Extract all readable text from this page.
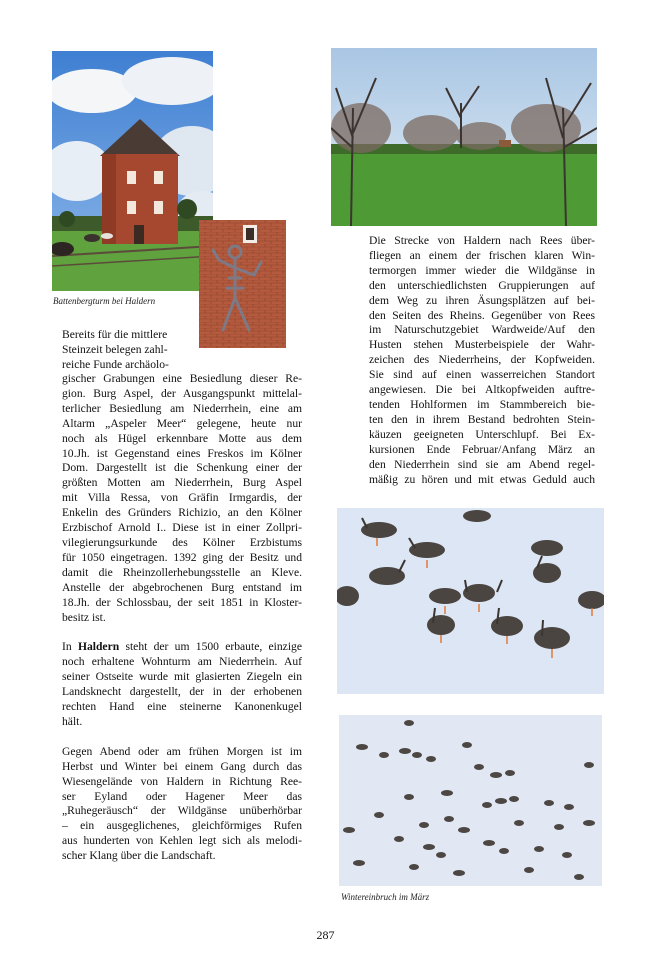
Battenbergturm bei Haldern
Wintereinbruch im März
Bereits für die mittlere
Steinzeit belegen zahl-
reiche Funde archäolo-
gischer Grabungen eine Besiedlung dieser Re-
gion. Burg Aspel, der Ausgangspunkt mittelal-
terlicher Besiedlung am Niederrhein, eine am
Altarm „Aspeler Meer“ gelegene, heute nur
noch als Hügel erkennbare Motte aus dem
10.Jh. ist Gegenstand eines Freskos im Kölner
Dom. Dargestellt ist die Schenkung einer der
größten Motten am Niederrhein, Burg Aspel
mit Villa Ressa, von Gräfin Irmgardis, der
Enkelin des Gründers Richizio, an den Kölner
Erzbischof Arnold I.. Diese ist in einer Zollpri-
vilegierungsurkunde des Kölner Erzbistums
für 1050 eingetragen. 1392 ging der Besitz und
damit die Rheinzollerhebungsstelle an Kleve.
Anstelle der abgebrochenen Burg entstand im
18.Jh. der Schlossbau, der seit 1851 in Kloster-
besitz ist.
In Haldern steht der um 1500 erbaute, einzige
noch erhaltene Wohnturm am Niederrhein. Auf
seiner Ostseite wurde mit glasierten Ziegeln ein
Landsknecht dargestellt, der in der erhobenen
rechten Hand eine steinerne Kanonenkugel
hält.
Gegen Abend oder am frühen Morgen ist im
Herbst und Winter bei einem Gang durch das
Wiesengelände von Haldern in Richtung Ree-
ser Eyland oder Hagener Meer das
„Ruhegeräusch“ der Wildgänse unüberhörbar
– ein ausgeglichenes, gleichförmiges Rufen
aus hunderten von Kehlen legt sich als melodi-
scher Klang über die Landschaft.
Die Strecke von Haldern nach Rees über-
fliegen an einem der frischen klaren Win-
termorgen immer wieder die Wildgänse in
den unterschiedlichsten Gruppierungen auf
dem Weg zu ihren Äsungsplätzen auf bei-
den Seiten des Rheins. Gegenüber von Rees
im Naturschutzgebiet Wardweide/Auf den
Husten stehen Musterbeispiele der Wahr-
zeichen des Niederrheins, der Kopfweiden.
Sie sind auf einen wasserreichen Standort
angewiesen. Die bei Altkopfweiden auftre-
tenden Hohlformen im Stammbereich bie-
ten den in ihrem Bestand bedrohten Stein-
käuzen geeigneten Unterschlupf. Bei Ex-
kursionen Ende Februar/Anfang März an
den Niederrhein sind sie am Abend regel-
mäßig zu hören und mit etwas Geduld auch
287
